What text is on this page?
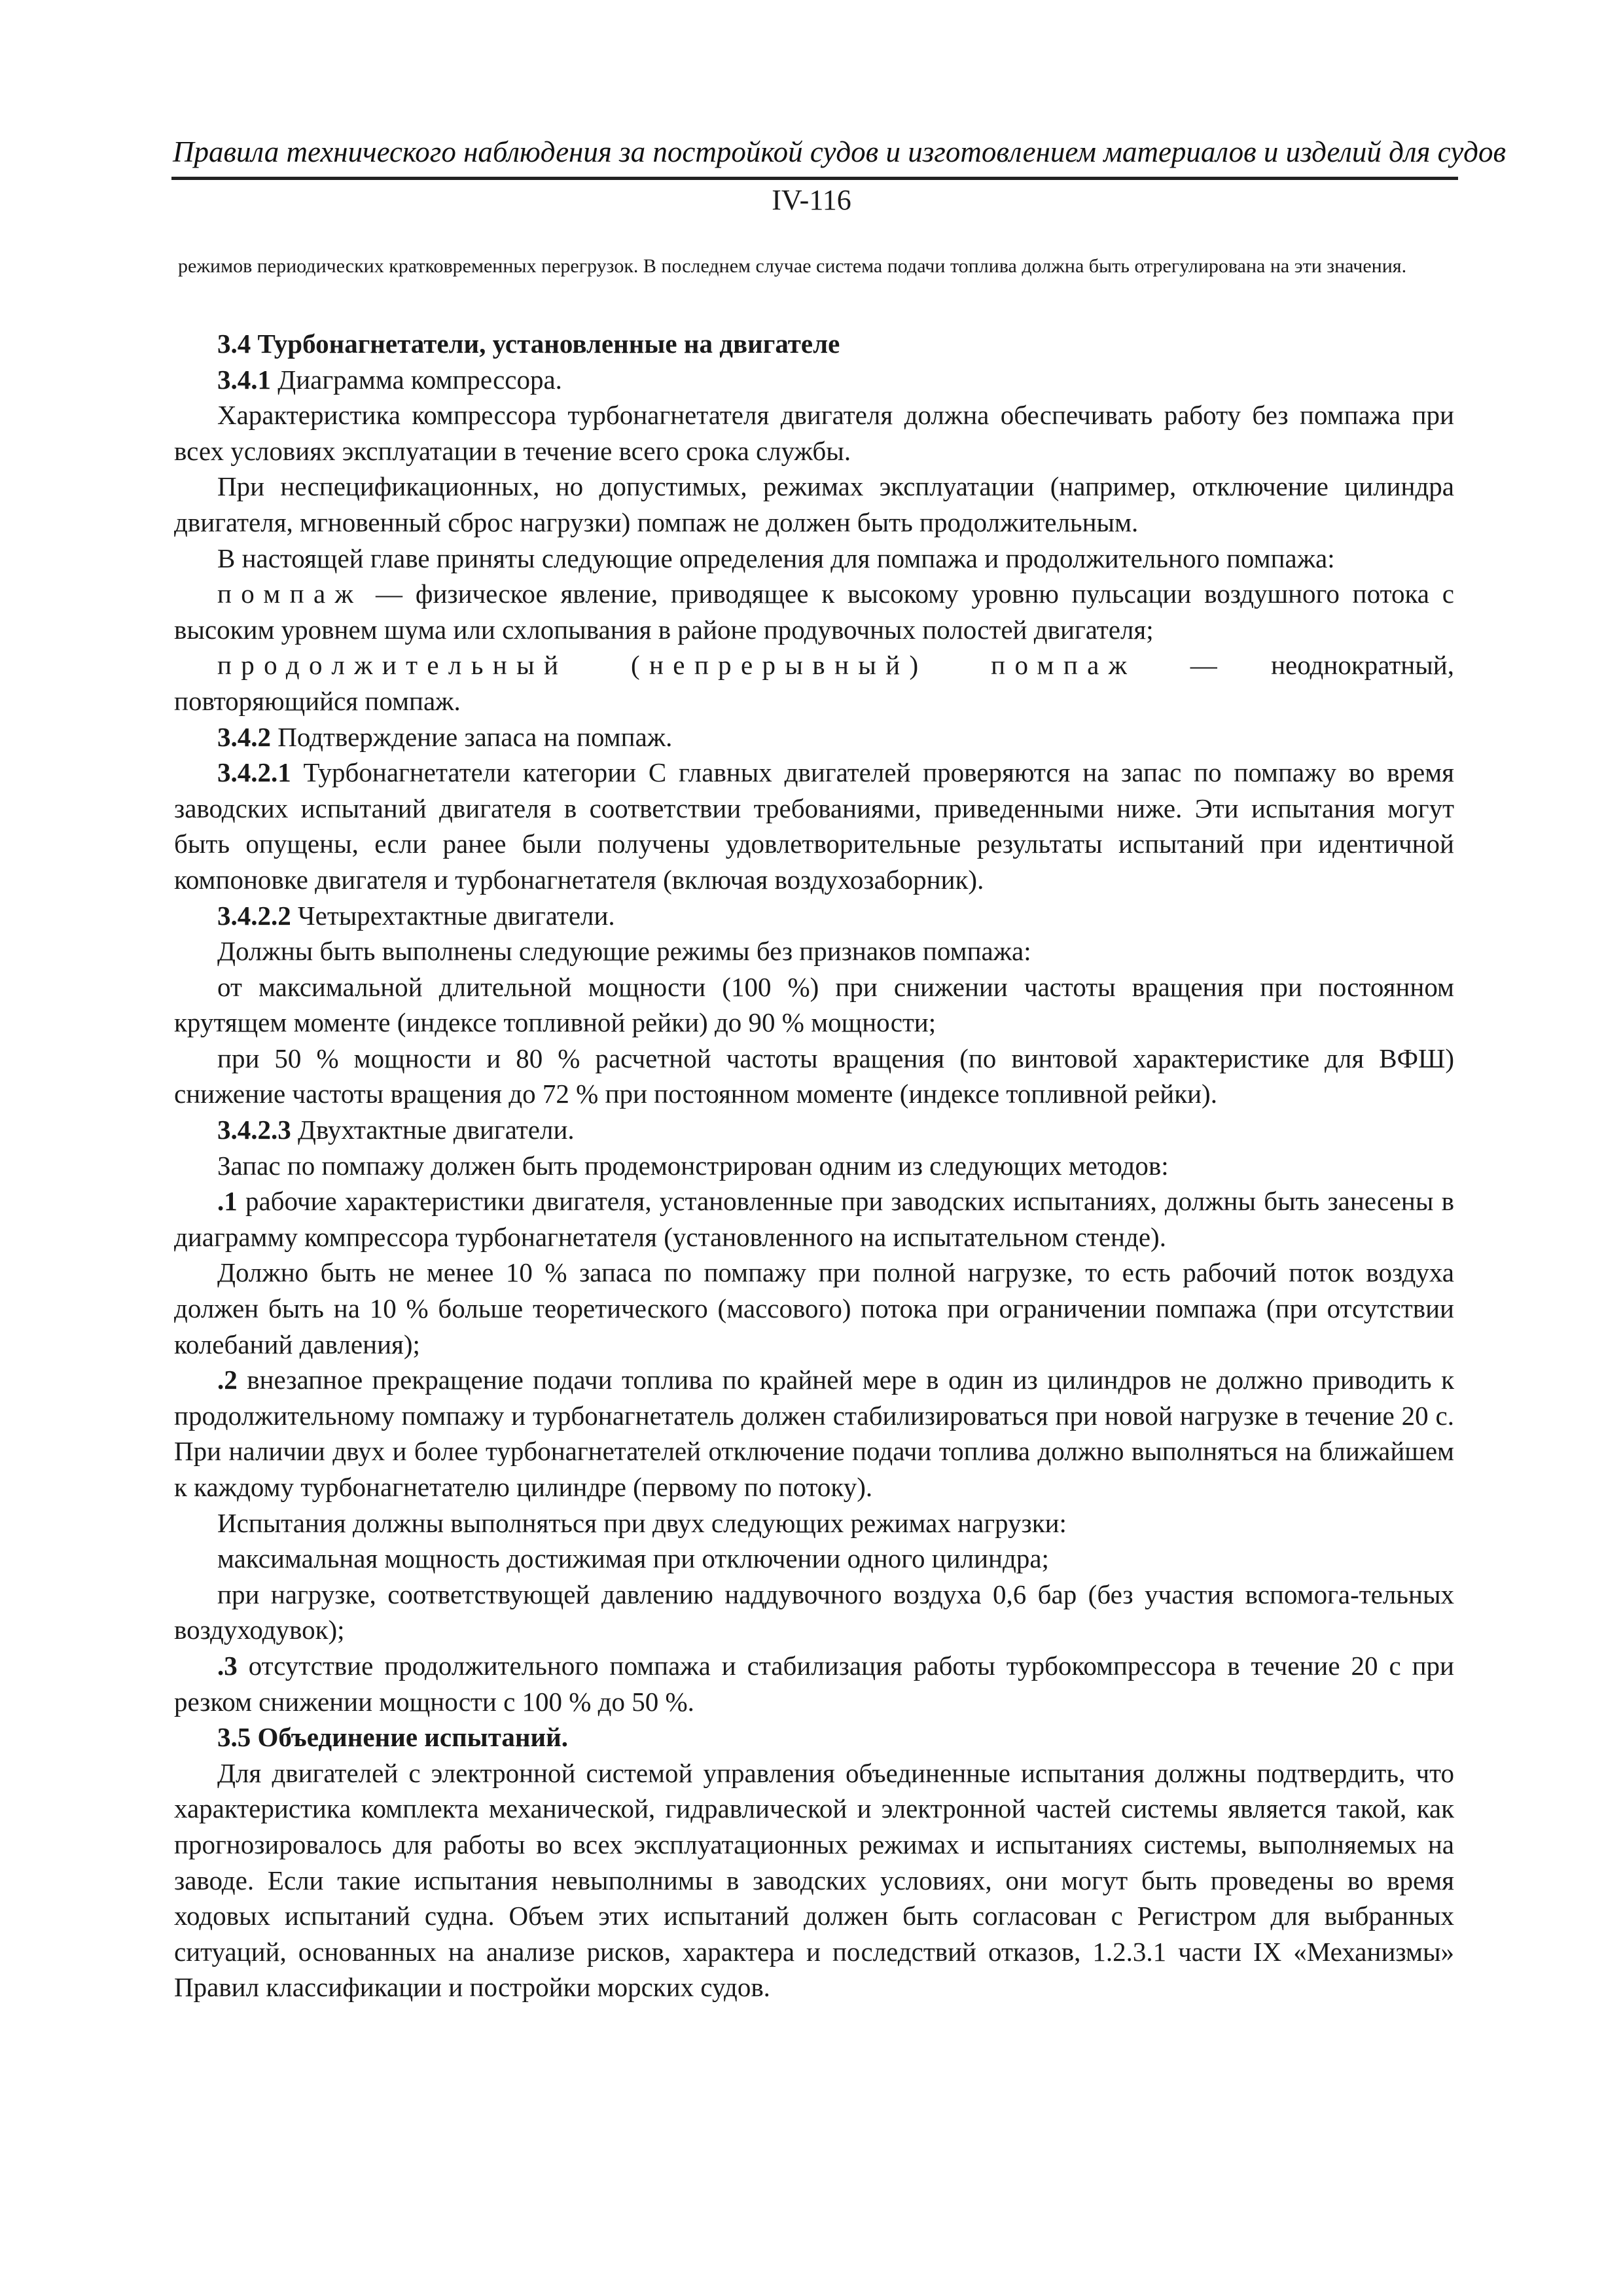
Правила технического наблюдения за постройкой судов и изготовлением материалов и изделий для судов
IV-116
режимов периодических кратковременных перегрузок. В последнем случае система подачи топлива должна быть отрегулирована на эти значения.

3.4 Турбонагнетатели, установленные на двигателе

3.4.1 Диаграмма компрессора.

Характеристика компрессора турбонагнетателя двигателя должна обеспечивать работу без помпажа при всех условиях эксплуатации в течение всего срока службы.

При неспецификационных, но допустимых, режимах эксплуатации (например, отключение цилиндра двигателя, мгновенный сброс нагрузки) помпаж не должен быть продолжительным.

В настоящей главе приняты следующие определения для помпажа и продолжительного помпажа:

помпаж — физическое явление, приводящее к высокому уровню пульсации воздушного потока с высоким уровнем шума или схлопывания в районе продувочных полостей двигателя;

продолжительный (непрерывный) помпаж — неоднократный, повторяющийся помпаж.

3.4.2 Подтверждение запаса на помпаж.

3.4.2.1 Турбонагнетатели категории С главных двигателей проверяются на запас по помпажу во время заводских испытаний двигателя в соответствии требованиями, приведенными ниже. Эти испытания могут быть опущены, если ранее были получены удовлетворительные результаты испытаний при идентичной компоновке двигателя и турбонагнетателя (включая воздухозаборник).

3.4.2.2 Четырехтактные двигатели.

Должны быть выполнены следующие режимы без признаков помпажа:

от максимальной длительной мощности (100 %) при снижении частоты вращения при постоянном крутящем моменте (индексе топливной рейки) до 90 % мощности;

при 50 % мощности и 80 % расчетной частоты вращения (по винтовой характеристике для ВФШ) снижение частоты вращения до 72 % при постоянном моменте (индексе топливной рейки).

3.4.2.3 Двухтактные двигатели.

Запас по помпажу должен быть продемонстрирован одним из следующих методов:

.1 рабочие характеристики двигателя, установленные при заводских испытаниях, должны быть занесены в диаграмму компрессора турбонагнетателя (установленного на испытательном стенде).

Должно быть не менее 10 % запаса по помпажу при полной нагрузке, то есть рабочий поток воздуха должен быть на 10 % больше теоретического (массового) потока при ограничении помпажа (при отсутствии колебаний давления);

.2 внезапное прекращение подачи топлива по крайней мере в один из цилиндров не должно приводить к продолжительному помпажу и турбонагнетатель должен стабилизироваться при новой нагрузке в течение 20 с. При наличии двух и более турбонагнетателей отключение подачи топлива должно выполняться на ближайшем к каждому турбонагнетателю цилиндре (первому по потоку).

Испытания должны выполняться при двух следующих режимах нагрузки:

максимальная мощность достижимая при отключении одного цилиндра;

при нагрузке, соответствующей давлению наддувочного воздуха 0,6 бар (без участия вспомога-тельных воздуходувок);

.3 отсутствие продолжительного помпажа и стабилизация работы турбокомпрессора в течение 20 с при резком снижении мощности с 100 % до 50 %.

3.5 Объединение испытаний.

Для двигателей с электронной системой управления объединенные испытания должны подтвердить, что характеристика комплекта механической, гидравлической и электронной частей системы является такой, как прогнозировалось для работы во всех эксплуатационных режимах и испытаниях системы, выполняемых на заводе. Если такие испытания невыполнимы в заводских условиях, они могут быть проведены во время ходовых испытаний судна. Объем этих испытаний должен быть согласован с Регистром для выбранных ситуаций, основанных на анализе рисков, характера и последствий отказов, 1.2.3.1 части IX «Механизмы» Правил классификации и постройки морских судов.
